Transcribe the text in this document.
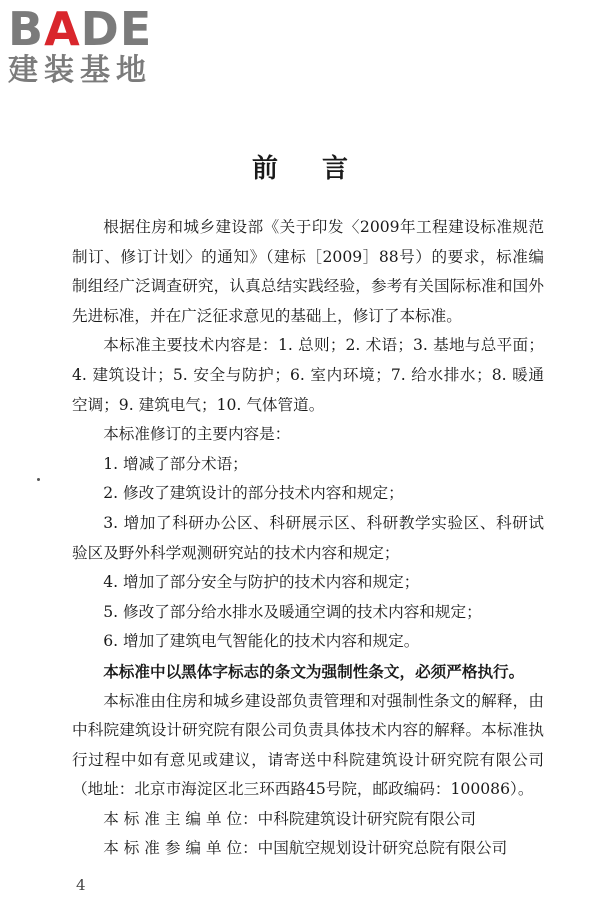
BADE
建装基地
前言

根据住房和城乡建设部《关于印发〈2009年工程建设标准规范制订、修订计划〉的通知》（建标［2009］88号）的要求，标准编制组经广泛调查研究，认真总结实践经验，参考有关国际标准和国外先进标准，并在广泛征求意见的基础上，修订了本标准。

本标准主要技术内容是：1. 总则；2. 术语；3. 基地与总平面；4. 建筑设计；5. 安全与防护；6. 室内环境；7. 给水排水；8. 暖通空调；9. 建筑电气；10. 气体管道。

本标准修订的主要内容是：

1. 增减了部分术语；

2. 修改了建筑设计的部分技术内容和规定；

3. 增加了科研办公区、科研展示区、科研教学实验区、科研试验区及野外科学观测研究站的技术内容和规定；

4. 增加了部分安全与防护的技术内容和规定；

5. 修改了部分给水排水及暖通空调的技术内容和规定；

6. 增加了建筑电气智能化的技术内容和规定。

本标准中以黑体字标志的条文为强制性条文，必须严格执行。

本标准由住房和城乡建设部负责管理和对强制性条文的解释，由中科院建筑设计研究院有限公司负责具体技术内容的解释。本标准执行过程中如有意见或建议，请寄送中科院建筑设计研究院有限公司（地址：北京市海淀区北三环西路45号院，邮政编码：100086）。

本 标 准 主 编 单 位：中科院建筑设计研究院有限公司

本 标 准 参 编 单 位：中国航空规划设计研究总院有限公司

4
